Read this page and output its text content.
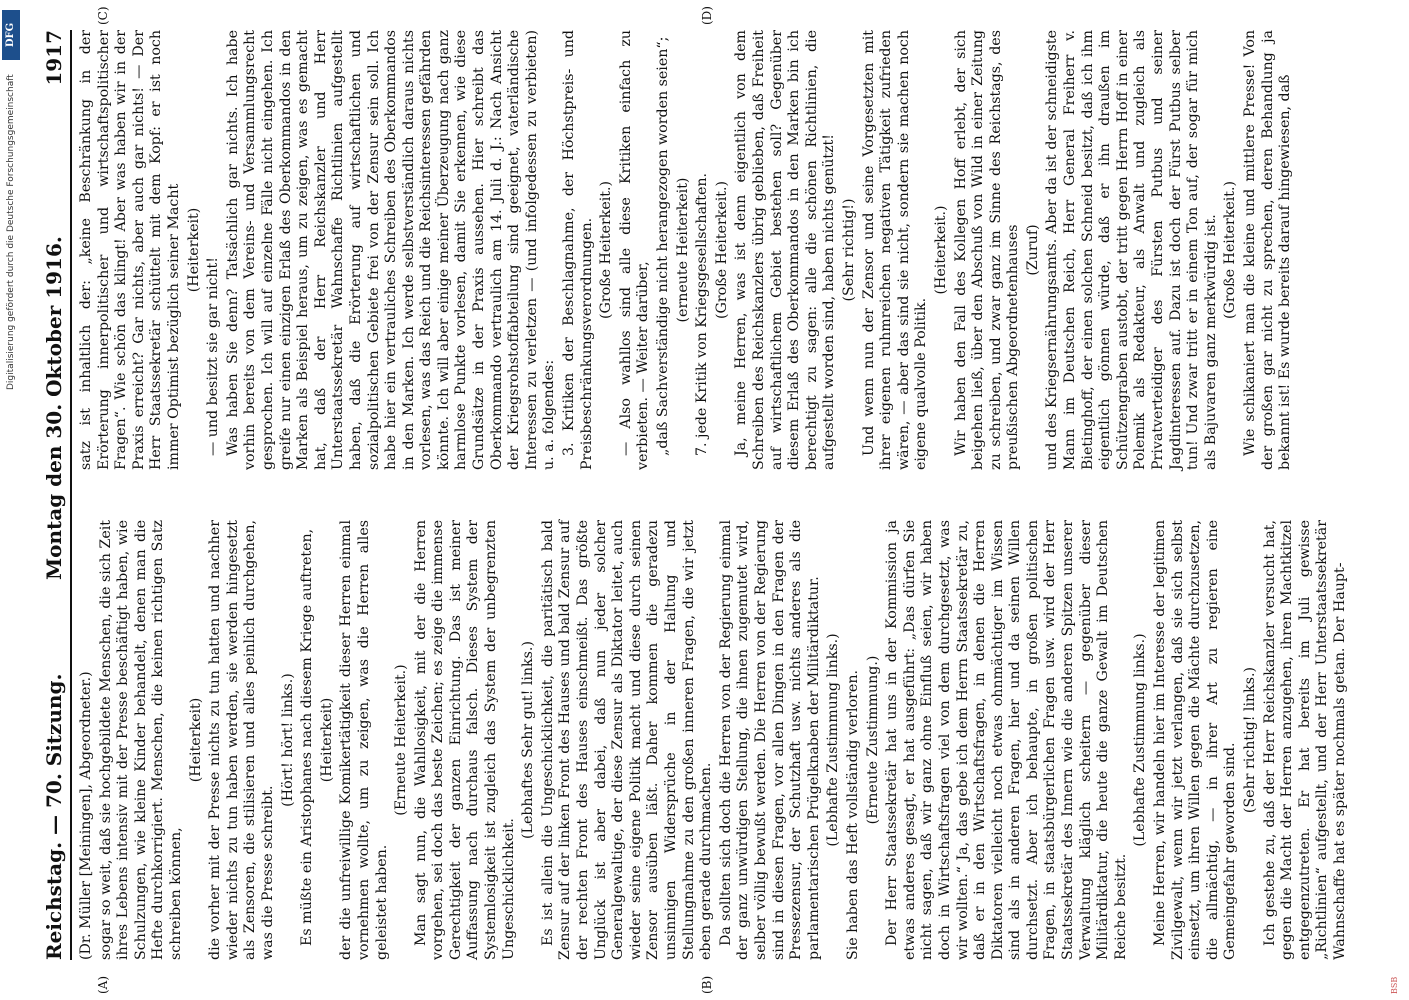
Digitalisierung gefördert durch die Deutsche Forschungsgemeinschaft
DFG
BSB
Reichstag. — 70. Sitzung.
Montag den 30. Oktober 1916.
1917
(A)	(B)
(C)	(D)

(Dr. Müller [Meiningen], Abgeordneter.) sogar so weit, daß sie hochgebildete Menschen, die sich Zeit ihres Lebens intensiv mit der Presse beschäftigt haben, wie Schulzungen, wie kleine Kinder behandelt, denen man die Hefte durchkorrigiert. Menschen, die keinen richtigen Satz schreiben können,

(Heiterkeit) die vorher mit der Presse nichts zu tun hatten und nachher wieder nichts zu tun haben werden, sie werden hingesetzt als Zensoren, die stilisieren und alles peinlich durchgehen, was die Presse schreibt.

(Hört! hört! links.) Es müßte ein Aristophanes nach diesem Kriege auftreten, (Heiterkeit) der die unfreiwillige Komikertätigkeit dieser Herren einmal vornehmen wollte, um zu zeigen, was die Herren alles geleistet haben.

(Erneute Heiterkeit.) Man sagt nun, die Wahllosigkeit, mit der die Herren vorgehen, sei doch das beste Zeichen; es zeige die immense Gerechtigkeit der ganzen Einrichtung. Das ist meiner Auffassung nach durchaus falsch. Dieses System der Systemlosigkeit ist zugleich das System der unbegrenzten Ungeschicklichkeit.

(Lebhaftes Sehr gut! links.) Es ist allein die Ungeschicklichkeit, die paritätisch bald Zensur auf der linken Front des Hauses und bald Zensur auf der rechten Front des Hauses einschmeißt. Das größte Unglück ist aber dabei, daß nun jeder solcher Generalgewaltige, der diese Zensur als Diktator leitet, auch wieder seine eigene Politik macht und diese durch seinen Zensor ausüben läßt. Daher kommen die geradezu unsinnigen Widersprüche in der Haltung und Stellungnahme zu den großen inneren Fragen, die wir jetzt eben gerade durchmachen. Da sollten sich doch die Herren von der Regierung einmal der ganz unwürdigen Stellung, die ihnen zugemutet wird, selber völlig bewußt werden. Die Herren von der Regierung sind in diesen Fragen, vor allen Dingen in den Fragen der Pressezensur, der Schutzhaft usw. nichts anderes als die parlamentarischen Prügelknaben der Militärdiktatur. (Lebhafte Zustimmung links.) Sie haben das Heft vollständig verloren. (Erneute Zustimmung.) Der Herr Staatssekretär hat uns in der Kommission ja etwas anderes gesagt, er hat ausgeführt: „Das dürfen Sie nicht sagen, daß wir ganz ohne Einfluß seien, wir haben doch in Wirtschaftsfragen viel von dem durchgesetzt, was wir wollten.“ Ja, das gebe ich dem Herrn Staatssekretär zu, daß er in den Wirtschaftsfragen, in denen die Herren Diktatoren vielleicht noch etwas ohnmächtiger im Wissen sind als in anderen Fragen, hier und da seinen Willen durchsetzt. Aber ich behaupte, in großen politischen Fragen, in staatsbürgerlichen Fragen usw. wird der Herr Staatssekretär des Innern wie die anderen Spitzen unserer Verwaltung kläglich scheitern — gegenüber dieser Militärdiktatur, die heute die ganze Gewalt im Deutschen Reiche besitzt.

(Lebhafte Zustimmung links.) Meine Herren, wir handeln hier im Interesse der legitimen Zivilgewalt, wenn wir jetzt verlangen, daß sie sich selbst einsetzt, um ihren Willen gegen die Mächte durchzusetzen, die allmächtig, — in ihrer Art zu regieren eine Gemeingefahr geworden sind.

(Sehr richtig! links.) Ich gestehe zu, daß der Herr Reichskanzler versucht hat, gegen die Macht der Herren anzugehen, ihren Machtkitzel entgegenzutreten. Er hat bereits im Juli gewisse „Richtlinien“ aufgestellt, und der Herr Unterstaatssekretär Wahnschaffe hat es später nochmals getan. Der Haupt-

satz ist inhaltlich der: „keine Beschränkung in der Erörterung innerpolitischer und wirtschaftspolitischer Fragen“. Wie schön das klingt! Aber was haben wir in der Praxis erreicht? Gar nichts, aber auch gar nichts! — Der Herr Staatssekretär schüttelt mit dem Kopf: er ist noch immer Optimist bezüglich seiner Macht (Heiterkeit)

— und besitzt sie gar nicht! Was haben Sie denn? Tatsächlich gar nichts. Ich habe vorhin bereits von dem Vereins- und Versammlungsrecht gesprochen. Ich will auf einzelne Fälle nicht eingehen. Ich greife nur einen einzigen Erlaß des Oberkommandos in den Marken als Beispiel heraus, um zu zeigen, was es gemacht hat, daß der Herr Reichskanzler und Herr Unterstaatssekretär Wahnschaffe Richtlinien aufgestellt haben, daß die Erörterung auf wirtschaftlichen und sozialpolitischen Gebiete frei von der Zensur sein soll. Ich habe hier ein vertrauliches Schreiben des Oberkommandos in den Marken. Ich werde selbstverständlich daraus nichts vorlesen, was das Reich und die Reichsinteressen gefährden könnte. Ich will aber einige meiner Überzeugung nach ganz harmlose Punkte vorlesen, damit Sie erkennen, wie diese Grundsätze in der Praxis aussehen. Hier schreibt das Oberkommando vertraulich am 14. Juli d. J.: Nach Ansicht der Kriegsrohstoffabteilung sind geeignet, vaterländische Interessen zu verletzen — (und infolgedessen zu verbieten) u. a. folgendes: 3. Kritiken der Beschlagnahme, der Höchstpreis- und Preisbeschränkungsverordnungen. (Große Heiterkeit.) — Also wahllos sind alle diese Kritiken einfach zu verbieten. — Weiter darüber, „daß Sachverständige nicht herangezogen worden seien“; (erneute Heiterkeit) 7. jede Kritik von Kriegsgesellschaften. (Große Heiterkeit.) Ja, meine Herren, was ist denn eigentlich von dem Schreiben des Reichskanzlers übrig geblieben, daß Freiheit auf wirtschaftlichem Gebiet bestehen soll? Gegenüber diesem Erlaß des Oberkommandos in den Marken bin ich berechtigt zu sagen: alle die schönen Richtlinien, die aufgestellt worden sind, haben nichts genützt! (Sehr richtig!) Und wenn nun der Zensor und seine Vorgesetzten mit ihrer eigenen ruhmreichen negativen Tätigkeit zufrieden wären, — aber das sind sie nicht, sondern sie machen noch eigene qualvolle Politik.

(Heiterkeit.) Wir haben den Fall des Kollegen Hoff erlebt, der sich beigehen ließ, über den Abschuß von Wild in einer Zeitung zu schreiben, und zwar ganz im Sinne des Reichstags, des preußischen Abgeordnetenhauses (Zuruf) und des Kriegsernährungsamts. Aber da ist der schneidigste Mann im Deutschen Reich, Herr General Freiherr v. Bietinghoff, der einen solchen Schneid besitzt, daß ich ihm eigentlich gönnen würde, daß er ihn draußen im Schützengraben austobt, der tritt gegen Herrn Hoff in einer Polemik als Redakteur, als Anwalt und zugleich als Privatverteidiger des Fürsten Putbus und seiner Jagdinteressen auf. Dazu ist doch der Fürst Putbus selber tun! Und zwar tritt er in einem Ton auf, der sogar für mich als Bajuvaren ganz merkwürdig ist. (Große Heiterkeit.) Wie schikaniert man die kleine und mittlere Presse! Von der großen gar nicht zu sprechen, deren Behandlung ja bekannt ist! Es wurde bereits darauf hingewiesen, daß
